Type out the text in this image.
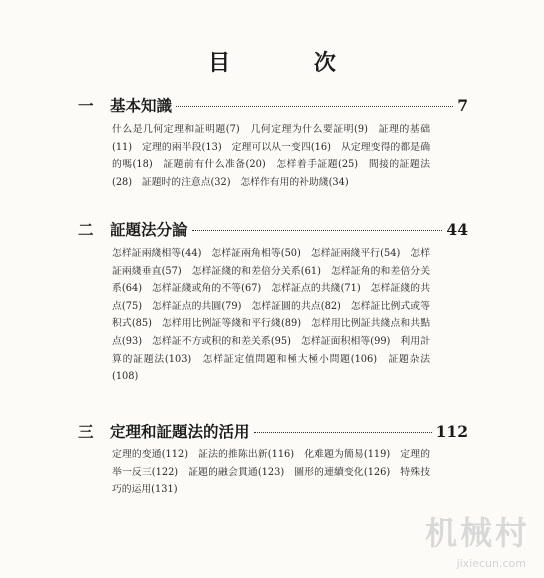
目 次
一	基本知識	7
什么是几何定理和証明題(7)　几何定理为什么要証明(9)　証理的基础(11)　定理的兩半段(13)　定理可以从一变四(16)　从定理变得的都是确的嗎(18)　証題前有什么准备(20)　怎样着手証題(25)　間接的証題法(28)　証題时的注意点(32)　怎样作有用的补助綫(34)
二	証題法分論	44
怎样証兩綫相等(44)　怎样証兩角相等(50)　怎样証兩綫平行(54)　怎样証兩綫垂直(57)　怎样証綫的和差倍分关系(61)　怎样証角的和差倍分关系(64)　怎样証綫或角的不等(67)　怎样証点的共綫(71)　怎样証綫的共点(75)　怎样証点的共圓(79)　怎样証圓的共点(82)　怎样証比例式或等积式(85)　怎样用比例証等綫和平行綫(89)　怎样用比例証共綫点和共點点(93)　怎样証不方或积的和差关系(95)　怎样証面积相等(99)　利用計算的証題法(103)　怎样証定值問題和極大極小問題(106)　証題杂法(108)
三	定理和証題法的活用	112
定理的变通(112)　証法的推陈出新(116)　化难題为簡易(119)　定理的举一反三(122)　証題的融会貫通(123)　圖形的連續变化(126)　特殊技巧的运用(131)
机械村
jixiecun.com
